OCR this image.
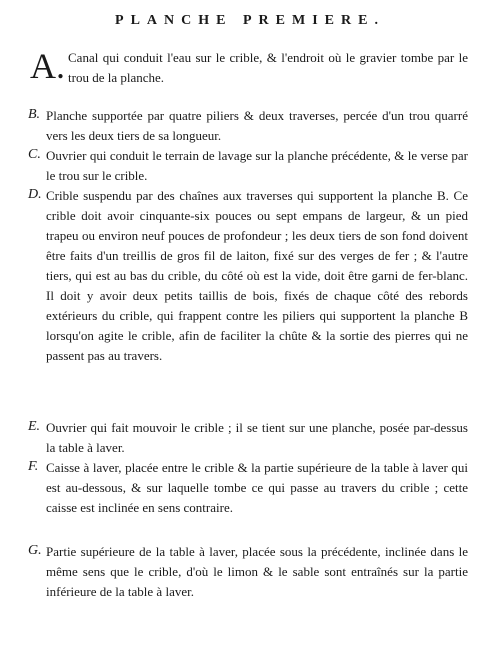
PLANCHE PREMIERE.
A. Canal qui conduit l'eau sur le crible, & l'endroit où le gravier tombe par le trou de la planche.
B. Planche supportée par quatre piliers & deux traverses, percée d'un trou quarré vers les deux tiers de sa longueur.
C. Ouvrier qui conduit le terrain de lavage sur la planche précédente, & le verse par le trou sur le crible.
D. Crible suspendu par des chaînes aux traverses qui supportent la planche B. Ce crible doit avoir cinquante-six pouces ou sept empans de largeur, & un pied trapeu ou environ neuf pouces de profondeur ; les deux tiers de son fond doivent être faits d'un treillis de gros fil de laiton, fixé sur des verges de fer ; & l'autre tiers, qui est au bas du crible, du côté où est la vide, doit être garni de fer-blanc. Il doit y avoir deux petits taillis de bois, fixés de chaque côté des rebords extérieurs du crible, qui frappent contre les piliers qui supportent la planche B lorsqu'on agite le crible, afin de faciliter la chûte & la sortie des pierres qui ne passent pas au travers.
E. Ouvrier qui fait mouvoir le crible ; il se tient sur une planche, posée par-dessus la table à laver.
F. Caisse à laver, placée entre le crible & la partie supérieure de la table à laver qui est au-dessous, & sur laquelle tombe ce qui passe au travers du crible ; cette caisse est inclinée en sens contraire.
G. Partie supérieure de la table à laver, placée sous la précédente, inclinée dans le même sens que le crible, d'où le limon & le sable sont entraînés sur la partie inférieure de la table à laver.
